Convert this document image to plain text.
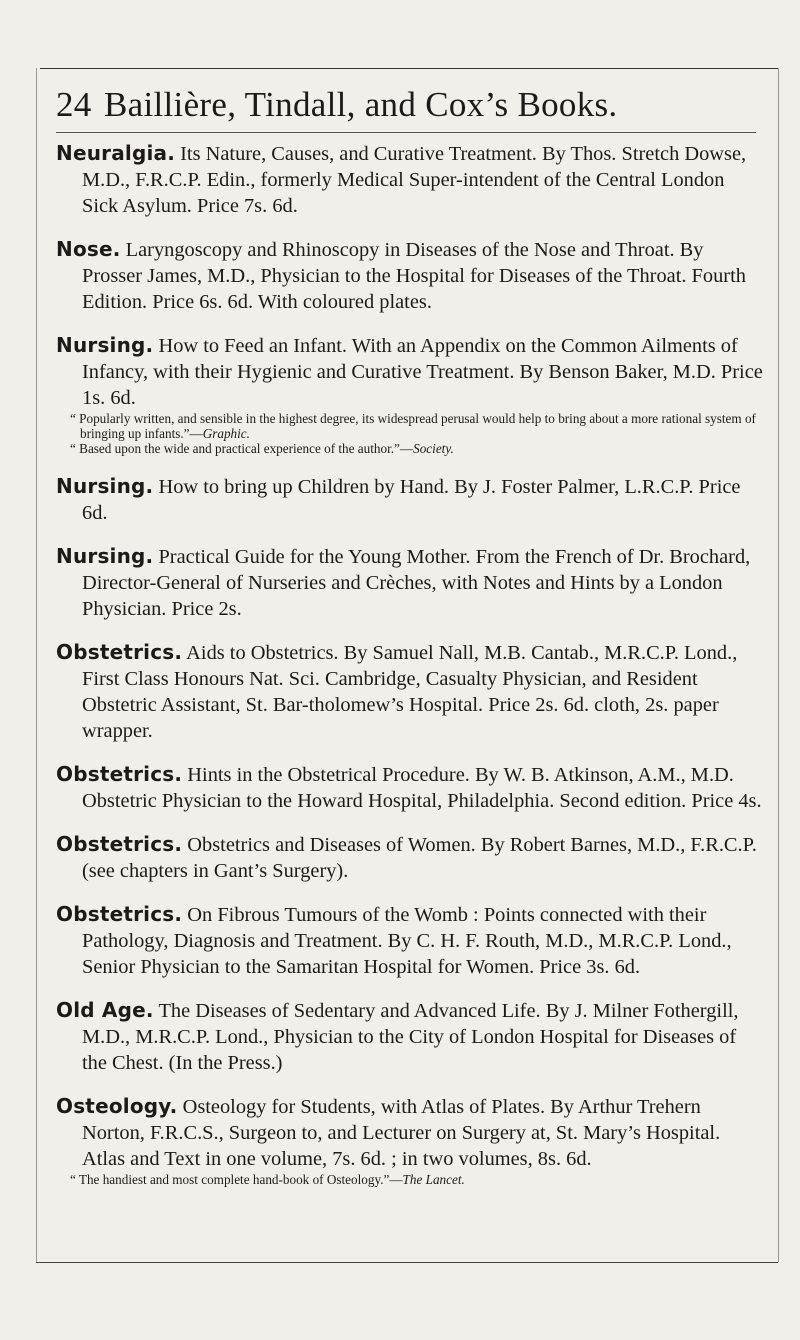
24 Baillière, Tindall, and Cox’s Books.

Neuralgia. Its Nature, Causes, and Curative Treatment. By Thos. Stretch Dowse, M.D., F.R.C.P. Edin., formerly Medical Super-intendent of the Central London Sick Asylum. Price 7s. 6d.

Nose. Laryngoscopy and Rhinoscopy in Diseases of the Nose and Throat. By Prosser James, M.D., Physician to the Hospital for Diseases of the Throat. Fourth Edition. Price 6s. 6d. With coloured plates.

Nursing. How to Feed an Infant. With an Appendix on the Common Ailments of Infancy, with their Hygienic and Curative Treatment. By Benson Baker, M.D. Price 1s. 6d.

“ Popularly written, and sensible in the highest degree, its widespread perusal would help to bring about a more rational system of bringing up infants.”—Graphic.

“ Based upon the wide and practical experience of the author.”—Society.

Nursing. How to bring up Children by Hand. By J. Foster Palmer, L.R.C.P. Price 6d.

Nursing. Practical Guide for the Young Mother. From the French of Dr. Brochard, Director-General of Nurseries and Crèches, with Notes and Hints by a London Physician. Price 2s.

Obstetrics. Aids to Obstetrics. By Samuel Nall, M.B. Cantab., M.R.C.P. Lond., First Class Honours Nat. Sci. Cambridge, Casualty Physician, and Resident Obstetric Assistant, St. Bar-tholomew’s Hospital. Price 2s. 6d. cloth, 2s. paper wrapper.

Obstetrics. Hints in the Obstetrical Procedure. By W. B. Atkinson, A.M., M.D. Obstetric Physician to the Howard Hospital, Philadelphia. Second edition. Price 4s.

Obstetrics. Obstetrics and Diseases of Women. By Robert Barnes, M.D., F.R.C.P. (see chapters in Gant’s Surgery).

Obstetrics. On Fibrous Tumours of the Womb : Points connected with their Pathology, Diagnosis and Treatment. By C. H. F. Routh, M.D., M.R.C.P. Lond., Senior Physician to the Samaritan Hospital for Women. Price 3s. 6d.

Old Age. The Diseases of Sedentary and Advanced Life. By J. Milner Fothergill, M.D., M.R.C.P. Lond., Physician to the City of London Hospital for Diseases of the Chest. (In the Press.)

Osteology. Osteology for Students, with Atlas of Plates. By Arthur Trehern Norton, F.R.C.S., Surgeon to, and Lecturer on Surgery at, St. Mary’s Hospital. Atlas and Text in one volume, 7s. 6d. ; in two volumes, 8s. 6d.

“ The handiest and most complete hand-book of Osteology.”—The Lancet.
